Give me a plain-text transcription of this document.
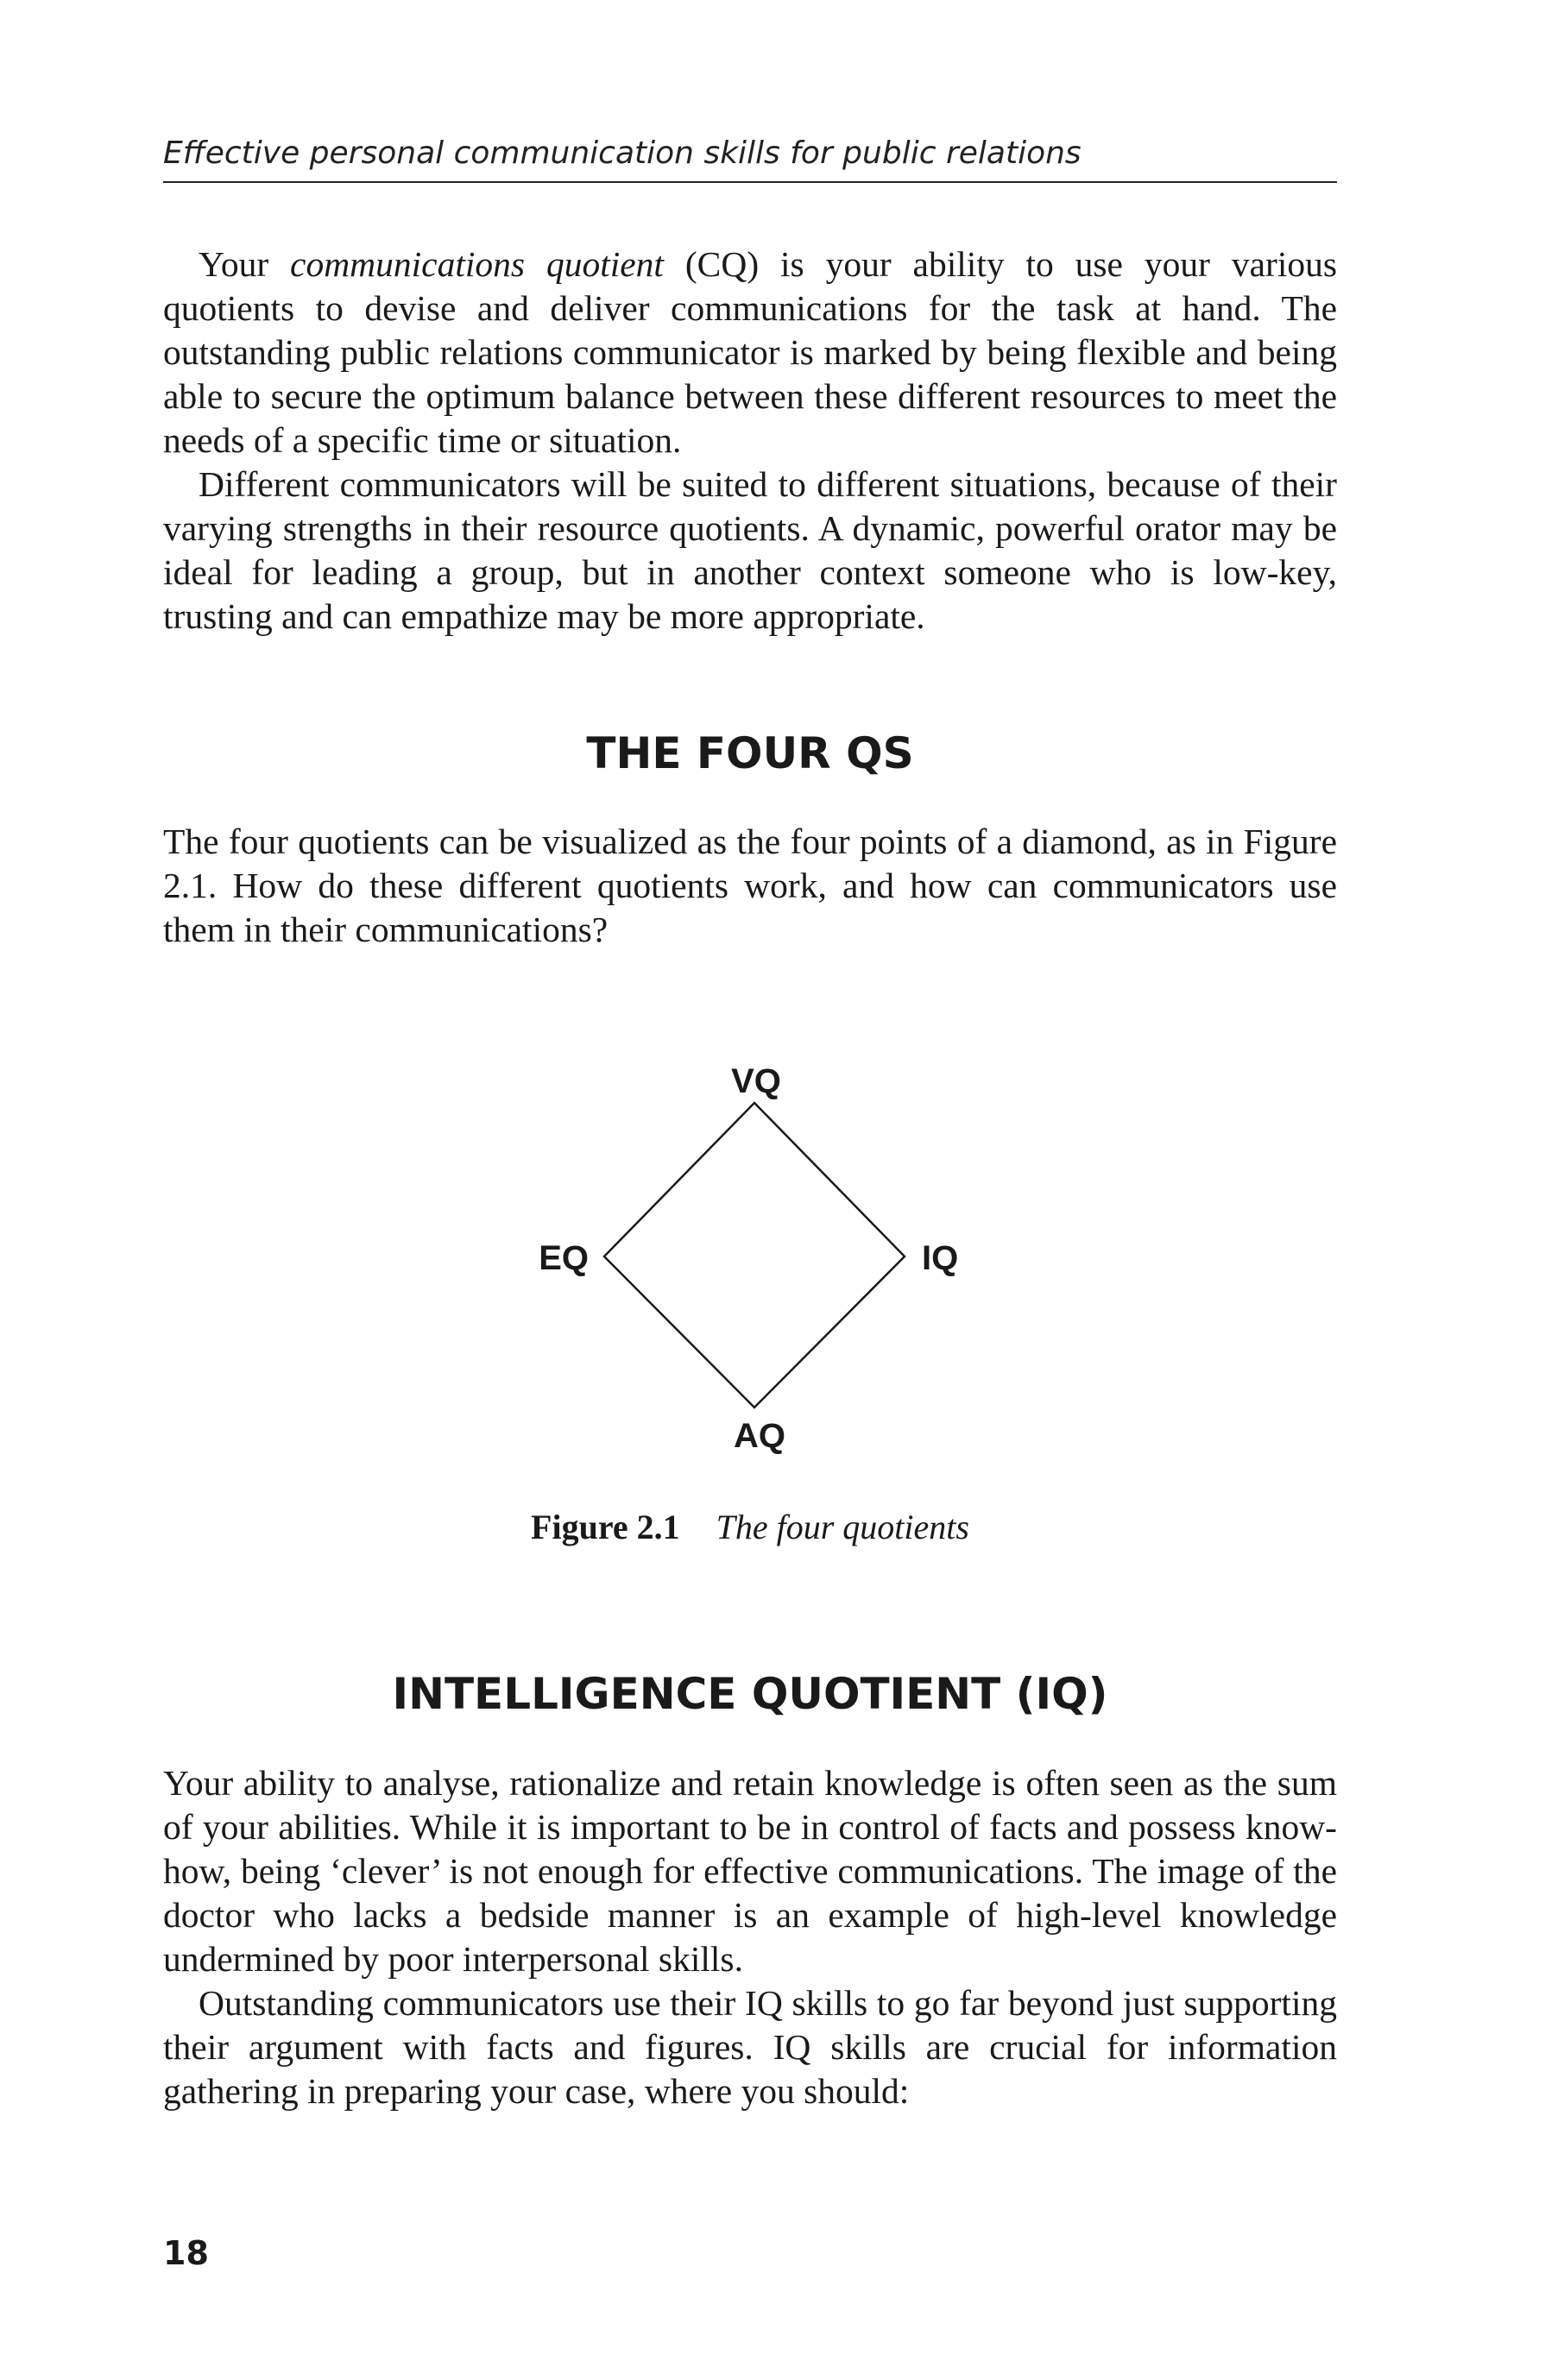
Effective personal communication skills for public relations

Your communications quotient (CQ) is your ability to use your various quotients to devise and deliver communications for the task at hand. The outstanding public relations communicator is marked by being flexible and being able to secure the optimum balance between these different resources to meet the needs of a specific time or situation.

Different communicators will be suited to different situations, because of their varying strengths in their resource quotients. A dynamic, powerful orator may be ideal for leading a group, but in another context someone who is low-key, trusting and can empathize may be more appropriate.

THE FOUR QS

The four quotients can be visualized as the four points of a diamond, as in Figure 2.1. How do these different quotients work, and how can communicators use them in their communications?

VQ
EQ	IQ
AQ
Figure 2.1 The four quotients
INTELLIGENCE QUOTIENT (IQ)

Your ability to analyse, rationalize and retain knowledge is often seen as the sum of your abilities. While it is important to be in control of facts and possess know-how, being ‘clever’ is not enough for effective communications. The image of the doctor who lacks a bedside manner is an example of high-level knowledge undermined by poor interpersonal skills.

Outstanding communicators use their IQ skills to go far beyond just supporting their argument with facts and figures. IQ skills are crucial for information gathering in preparing your case, where you should:

18
